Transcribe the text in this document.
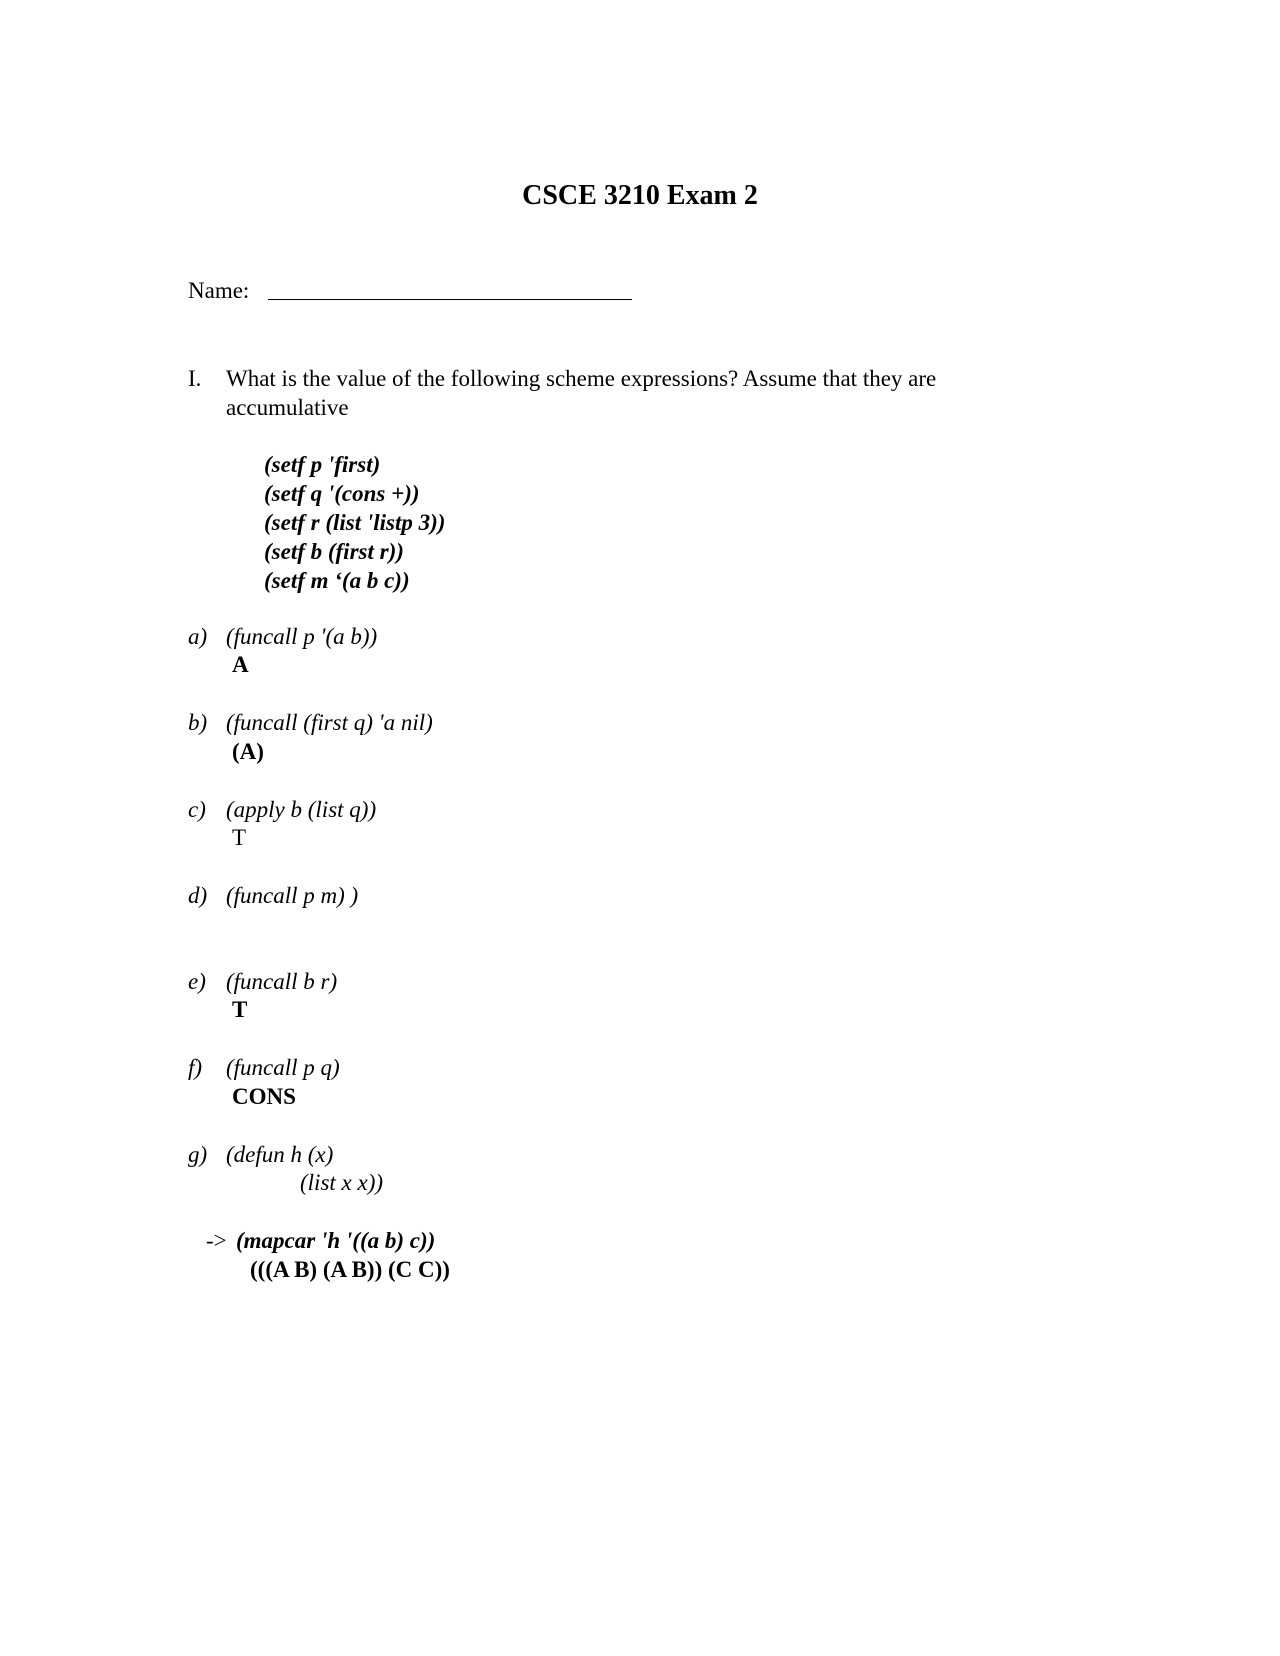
CSCE 3210 Exam 2
Name:
I. What is the value of the following scheme expressions? Assume that they are accumulative
(setf p 'first)
(setf q '(cons +))
(setf r (list 'listp 3))
(setf b (first r))
(setf m ‘(a b c))
a) (funcall p '(a b))
A
b) (funcall (first q) 'a nil)
(A)
c) (apply b (list q))
T
d) (funcall p m) )
e) (funcall b r)
T
f) (funcall p q)
CONS
g) (defun h (x)
(list x x))
-> (mapcar 'h '((a b) c))
(((A B) (A B)) (C C))
